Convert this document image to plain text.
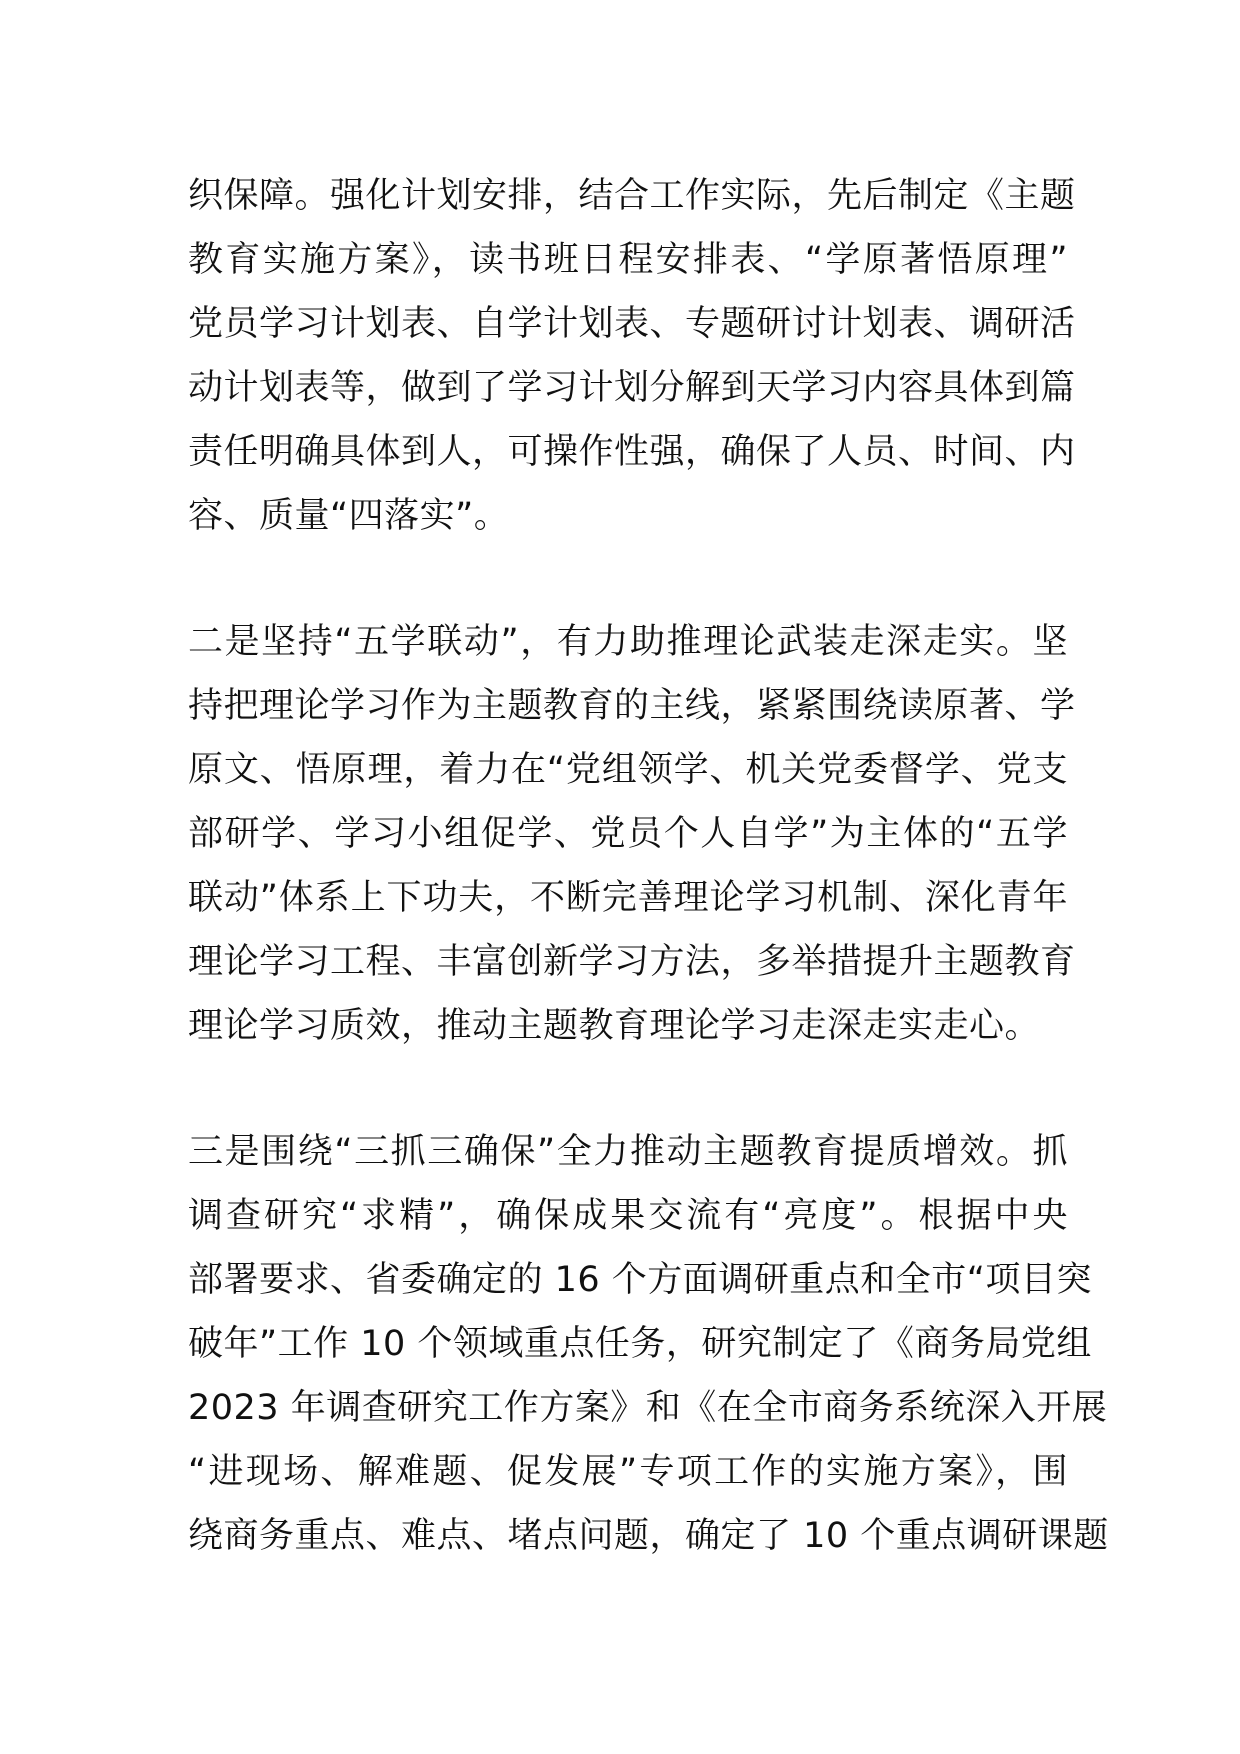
织保障。强化计划安排，结合工作实际，先后制定《主题
教育实施方案》，读书班日程安排表、“学原著悟原理”
党员学习计划表、自学计划表、专题研讨计划表、调研活
动计划表等，做到了学习计划分解到天学习内容具体到篇
责任明确具体到人，可操作性强，确保了人员、时间、内
容、质量“四落实”。
二是坚持“五学联动”，有力助推理论武装走深走实。坚
持把理论学习作为主题教育的主线，紧紧围绕读原著、学
原文、悟原理，着力在“党组领学、机关党委督学、党支
部研学、学习小组促学、党员个人自学”为主体的“五学
联动”体系上下功夫，不断完善理论学习机制、深化青年
理论学习工程、丰富创新学习方法，多举措提升主题教育
理论学习质效，推动主题教育理论学习走深走实走心。
三是围绕“三抓三确保”全力推动主题教育提质增效。抓
调查研究“求精”，确保成果交流有“亮度”。根据中央
部署要求、省委确定的 16 个方面调研重点和全市“项目突
破年”工作 10 个领域重点任务，研究制定了《商务局党组
2023 年调查研究工作方案》和《在全市商务系统深入开展
“进现场、解难题、促发展”专项工作的实施方案》，围
绕商务重点、难点、堵点问题，确定了 10 个重点调研课题
